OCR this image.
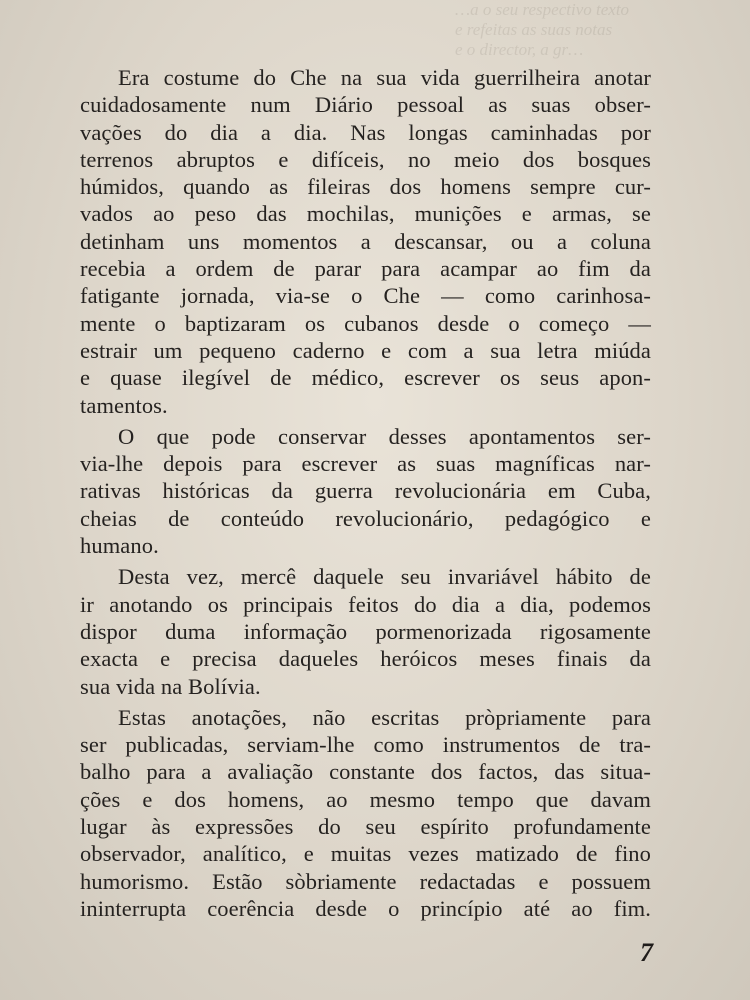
…a o seu respectivo texto
e refeitas as suas notas
e o director, a gr…
Era costume do Che na sua vida guerrilheira anotar
cuidadosamente num Diário pessoal as suas obser-
vações do dia a dia. Nas longas caminhadas por
terrenos abruptos e difíceis, no meio dos bosques
húmidos, quando as fileiras dos homens sempre cur-
vados ao peso das mochilas, munições e armas, se
detinham uns momentos a descansar, ou a coluna
recebia a ordem de parar para acampar ao fim da
fatigante jornada, via-se o Che — como carinhosa-
mente o baptizaram os cubanos desde o começo —
estrair um pequeno caderno e com a sua letra miúda
e quase ilegível de médico, escrever os seus apon-
tamentos.
O que pode conservar desses apontamentos ser-
via-lhe depois para escrever as suas magníficas nar-
rativas históricas da guerra revolucionária em Cuba,
cheias de conteúdo revolucionário, pedagógico e
humano.
Desta vez, mercê daquele seu invariável hábito de
ir anotando os principais feitos do dia a dia, podemos
dispor duma informação pormenorizada rigosamente
exacta e precisa daqueles heróicos meses finais da
sua vida na Bolívia.
Estas anotações, não escritas pròpriamente para
ser publicadas, serviam-lhe como instrumentos de tra-
balho para a avaliação constante dos factos, das situa-
ções e dos homens, ao mesmo tempo que davam
lugar às expressões do seu espírito profundamente
observador, analítico, e muitas vezes matizado de fino
humorismo. Estão sòbriamente redactadas e possuem
ininterrupta coerência desde o princípio até ao fim.
7
